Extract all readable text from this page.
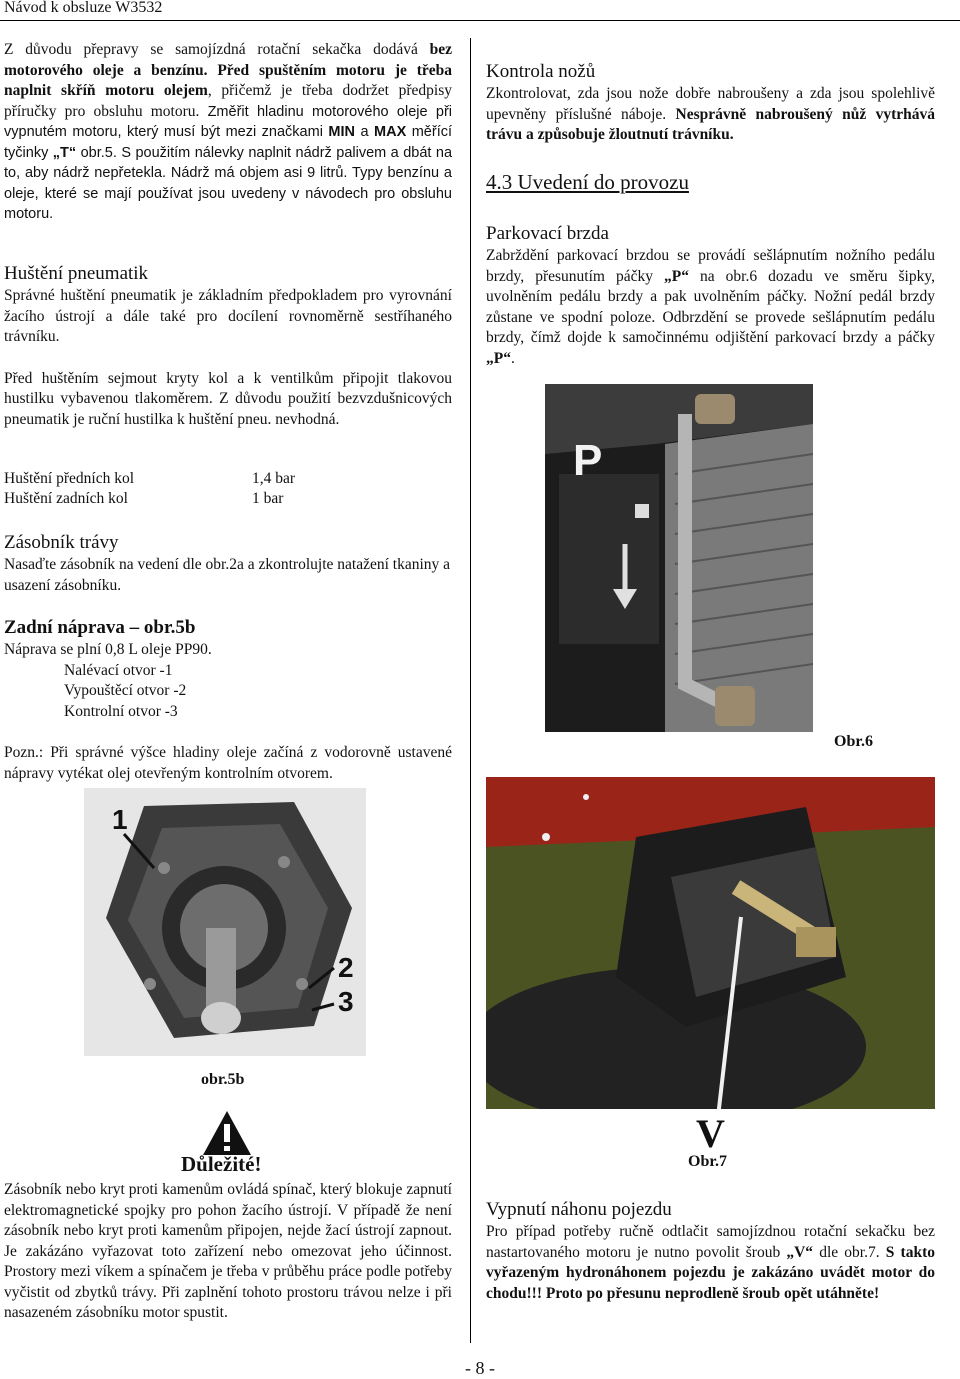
Návod k obsluze W3532
Z důvodu přepravy se samojízdná rotační sekačka dodává bez motorového oleje a benzínu. Před spuštěním motoru je třeba naplnit skříň motoru olejem, přičemž je třeba dodržet předpisy příručky pro obsluhu motoru. Změřit hladinu motorového oleje při vypnutém motoru, který musí být mezi značkami MIN a MAX měřící tyčinky „T“ obr.5. S použitím nálevky naplnit nádrž palivem a dbát na to, aby nádrž nepřetekla. Nádrž má objem asi 9 litrů. Typy benzínu a oleje, které se mají používat jsou uvedeny v návodech pro obsluhu motoru.
Huštění pneumatik

Správné huštění pneumatik je základním předpokladem pro vyrovnání žacího ústrojí a dále také pro docílení rovnoměrně sestříhaného trávníku.

Před huštěním sejmout kryty kol a k ventilkům připojit tlakovou hustilku vybavenou tlakoměrem. Z důvodu použití bezvzdušnicových pneumatik je ruční hustilka k huštění pneu. nevhodná.

Huštění předních kol	1,4 bar
Huštění zadních kol	1 bar
Zásobník trávy

Nasaďte zásobník na vedení dle obr.2a a zkontrolujte natažení tkaniny a usazení zásobníku.

Zadní náprava – obr.5b

Náprava se plní 0,8 L oleje PP90.

Nalévací otvor -1

Vypouštěcí otvor -2

Kontrolní otvor -3

Pozn.: Při správné výšce hladiny oleje začíná z vodorovně ustavené nápravy vytékat olej otevřeným kontrolním otvorem.

1
2
3
obr.5b
Důležité!
Zásobník nebo kryt proti kamenům ovládá spínač, který blokuje zapnutí elektromagnetické spojky pro pohon žacího ústrojí. V případě že není zásobník nebo kryt proti kamenům připojen, nejde žací ústrojí zapnout. Je zakázáno vyřazovat toto zařízení nebo omezovat jeho účinnost. Prostory mezi víkem a spínačem je třeba v průběhu práce podle potřeby vyčistit od zbytků trávy. Při zaplnění tohoto prostoru trávou nelze i při nasazeném zásobníku motor spustit.
Kontrola nožů

Zkontrolovat, zda jsou nože dobře nabroušeny a zda jsou spolehlivě upevněny příslušné náboje. Nesprávně nabroušený nůž vytrhává trávu a způsobuje žloutnutí trávníku.

4.3 Uvedení do provozu
Parkovací brzda

Zabrždění parkovací brzdou se provádí sešlápnutím nožního pedálu brzdy, přesunutím páčky „P“ na obr.6 dozadu ve směru šipky, uvolněním pedálu brzdy a pak uvolněním páčky. Nožní pedál brzdy zůstane ve spodní poloze. Odbrzdění se provede sešlápnutím pedálu brzdy, čímž dojde k samočinnému odjištění parkovací brzdy a páčky „P“.

P
Obr.6
V
Obr.7
Vypnutí náhonu pojezdu

Pro případ potřeby ručně odtlačit samojízdnou rotační sekačku bez nastartovaného motoru je nutno povolit šroub „V“ dle obr.7. S takto vyřazeným hydronáhonem pojezdu je zakázáno uvádět motor do chodu!!! Proto po přesunu neprodleně šroub opět utáhněte!

- 8 -
